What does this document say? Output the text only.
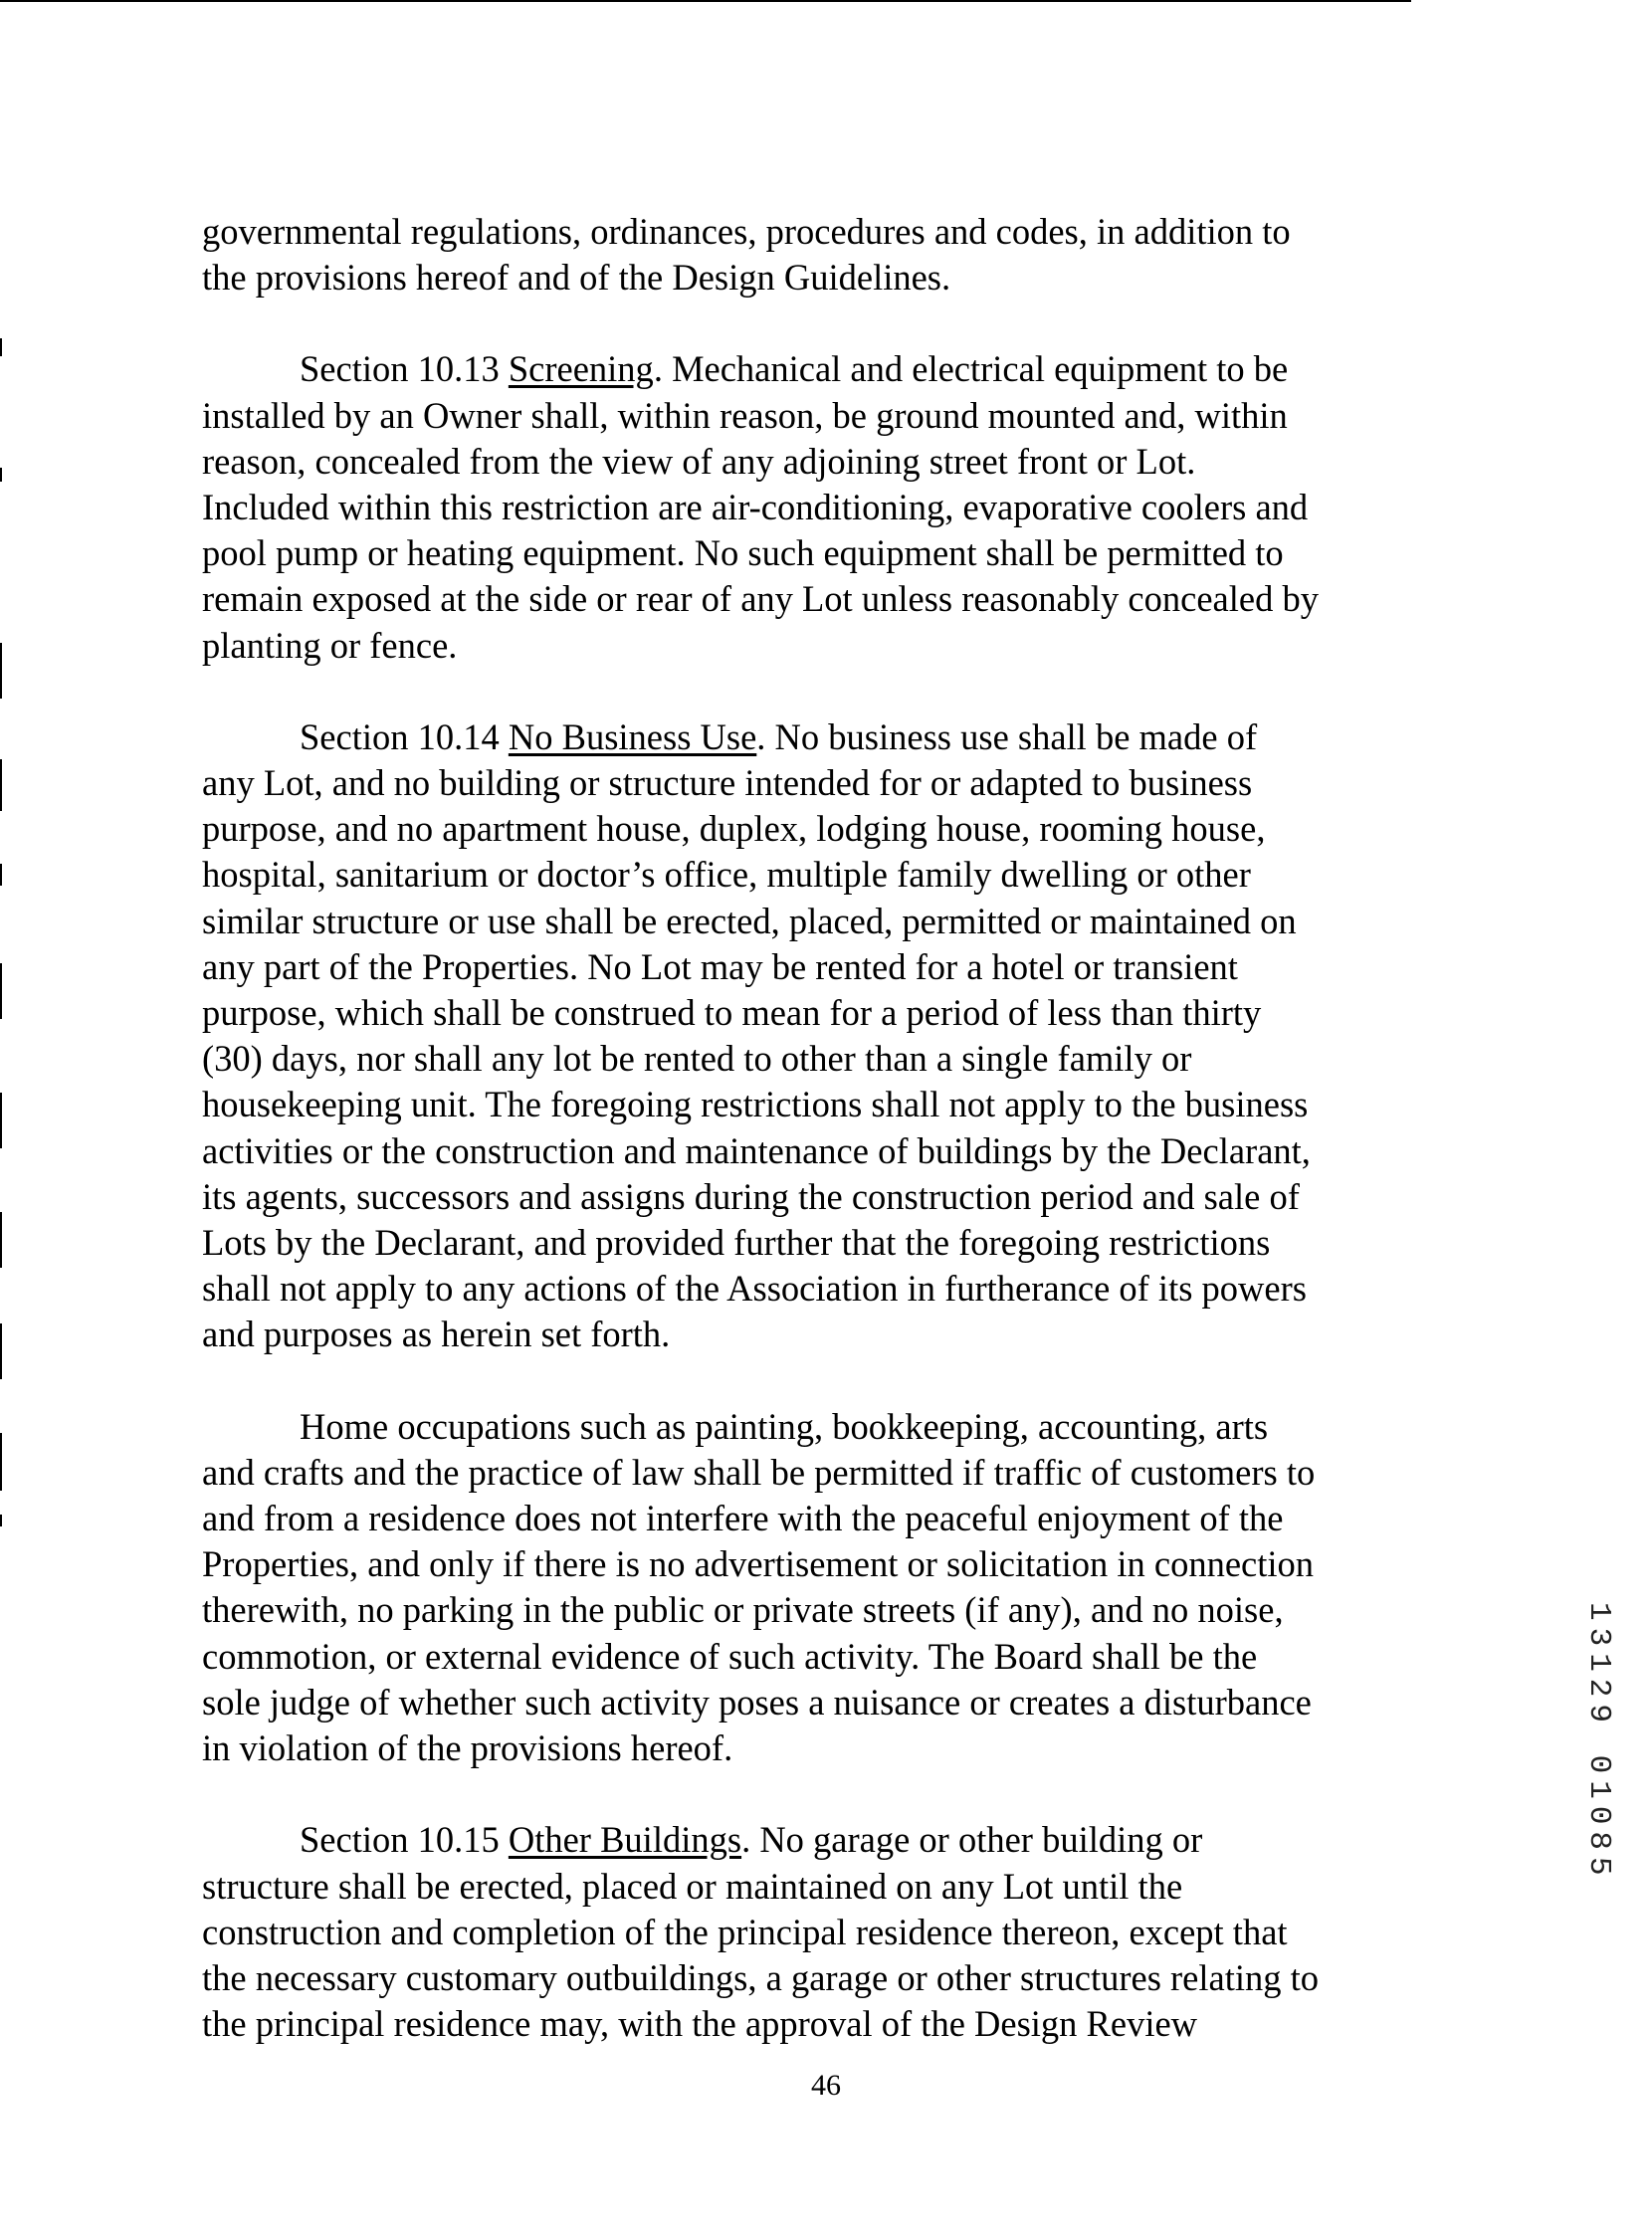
governmental regulations, ordinances, procedures and codes, in addition to
the provisions hereof and of the Design Guidelines.
Section 10.13 Screening. Mechanical and electrical equipment to be
installed by an Owner shall, within reason, be ground mounted and, within
reason, concealed from the view of any adjoining street front or Lot.
Included within this restriction are air-conditioning, evaporative coolers and
pool pump or heating equipment. No such equipment shall be permitted to
remain exposed at the side or rear of any Lot unless reasonably concealed by
planting or fence.
Section 10.14 No Business Use. No business use shall be made of
any Lot, and no building or structure intended for or adapted to business
purpose, and no apartment house, duplex, lodging house, rooming house,
hospital, sanitarium or doctor’s office, multiple family dwelling or other
similar structure or use shall be erected, placed, permitted or maintained on
any part of the Properties. No Lot may be rented for a hotel or transient
purpose, which shall be construed to mean for a period of less than thirty
(30) days, nor shall any lot be rented to other than a single family or
housekeeping unit. The foregoing restrictions shall not apply to the business
activities or the construction and maintenance of buildings by the Declarant,
its agents, successors and assigns during the construction period and sale of
Lots by the Declarant, and provided further that the foregoing restrictions
shall not apply to any actions of the Association in furtherance of its powers
and purposes as herein set forth.
Home occupations such as painting, bookkeeping, accounting, arts
and crafts and the practice of law shall be permitted if traffic of customers to
and from a residence does not interfere with the peaceful enjoyment of the
Properties, and only if there is no advertisement or solicitation in connection
therewith, no parking in the public or private streets (if any), and no noise,
commotion, or external evidence of such activity. The Board shall be the
sole judge of whether such activity poses a nuisance or creates a disturbance
in violation of the provisions hereof.
Section 10.15 Other Buildings. No garage or other building or
structure shall be erected, placed or maintained on any Lot until the
construction and completion of the principal residence thereon, except that
the necessary customary outbuildings, a garage or other structures relating to
the principal residence may, with the approval of the Design Review
13129 01085
46
